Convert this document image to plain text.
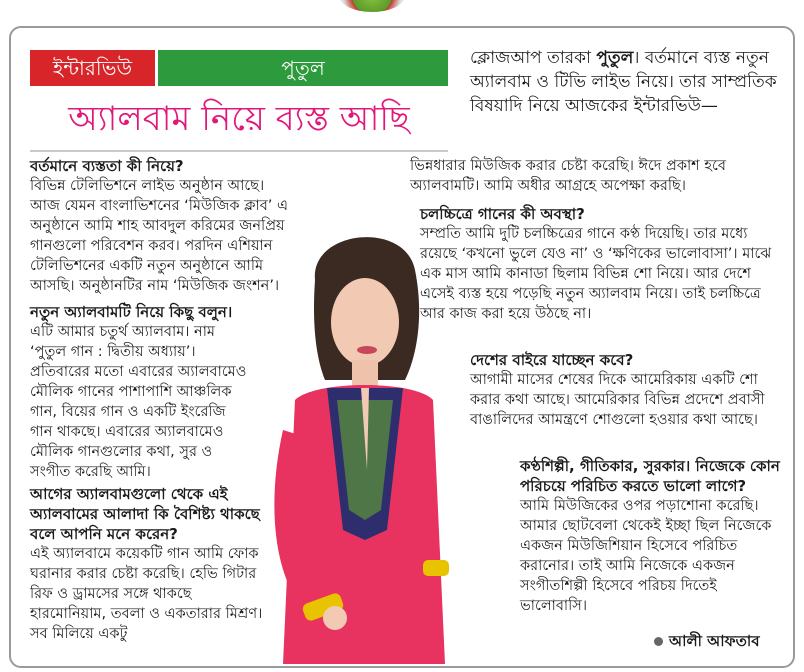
ইন্টারভিউ	পুতুল
অ্যালবাম নিয়ে ব্যস্ত আছি
ক্লোজআপ তারকা পুতুল। বর্তমানে ব্যস্ত নতুন অ্যালবাম ও টিভি লাইভ নিয়ে। তার সাম্প্রতিক বিষয়াদি নিয়ে আজকের ইন্টারভিউ—
বর্তমানে ব্যস্ততা কী নিয়ে?
বিভিন্ন টেলিভিশনে লাইভ অনুষ্ঠান আছে। আজ যেমন বাংলাভিশনের ‘মিউজিক ক্লাব’ এ অনুষ্ঠানে আমি শাহ আবদুল করিমের জনপ্রিয় গানগুলো পরিবেশন করব। পরদিন এশিয়ান টেলিভিশনের একটি নতুন অনুষ্ঠানে আমি আসছি। অনুষ্ঠানটির নাম ‘মিউজিক জংশন’।
নতুন অ্যালবামটি নিয়ে কিছু বলুন।
এটি আমার চতুর্থ অ্যালবাম। নাম ‘পুতুল গান : দ্বিতীয় অধ্যায়’। প্রতিবারের মতো এবারের অ্যালবামেও মৌলিক গানের পাশাপাশি আঞ্চলিক গান, বিয়ের গান ও একটি ইংরেজি গান থাকছে। এবারের অ্যালবামেও মৌলিক গানগুলোর কথা, সুর ও সংগীত করেছি আমি।
আগের অ্যালবামগুলো থেকে এই অ্যালবামের আলাদা কি বৈশিষ্ট্য থাকছে বলে আপনি মনে করেন?
এই অ্যালবামে কয়েকটি গান আমি ফোক ঘরানার করার চেষ্টা করেছি। হেভি গিটার রিফ ও ড্রামসের সঙ্গে থাকছে হারমোনিয়াম, তবলা ও একতারার মিশ্রণ। সব মিলিয়ে একটু
ভিন্নধারার মিউজিক করার চেষ্টা করেছি। ঈদে প্রকাশ হবে অ্যালবামটি। আমি অধীর আগ্রহে অপেক্ষা করছি।
চলচ্চিত্রে গানের কী অবস্থা?
সম্প্রতি আমি দুটি চলচ্চিত্রের গানে কণ্ঠ দিয়েছি। তার মধ্যে রয়েছে ‘কখনো ভুলে যেও না’ ও ‘ক্ষণিকের ভালোবাসা’। মাঝে এক মাস আমি কানাডা ছিলাম বিভিন্ন শো নিয়ে। আর দেশে এসেই ব্যস্ত হয়ে পড়েছি নতুন অ্যালবাম নিয়ে। তাই চলচ্চিত্রে আর কাজ করা হয়ে উঠছে না।
দেশের বাইরে যাচ্ছেন কবে?
আগামী মাসের শেষের দিকে আমেরিকায় একটি শো করার কথা আছে। আমেরিকার বিভিন্ন প্রদেশে প্রবাসী বাঙালিদের আমন্ত্রণে শোগুলো হওয়ার কথা আছে।
কণ্ঠশিল্পী, গীতিকার, সুরকার। নিজেকে কোন পরিচয়ে পরিচিত করতে ভালো লাগে?
আমি মিউজিকের ওপর পড়াশোনা করেছি। আমার ছোটবেলা থেকেই ইচ্ছা ছিল নিজেকে একজন মিউজিশিয়ান হিসেবে পরিচিত করানোর। তাই আমি নিজেকে একজন সংগীতশিল্পী হিসেবে পরিচয় দিতেই ভালোবাসি।
আলী আফতাব
